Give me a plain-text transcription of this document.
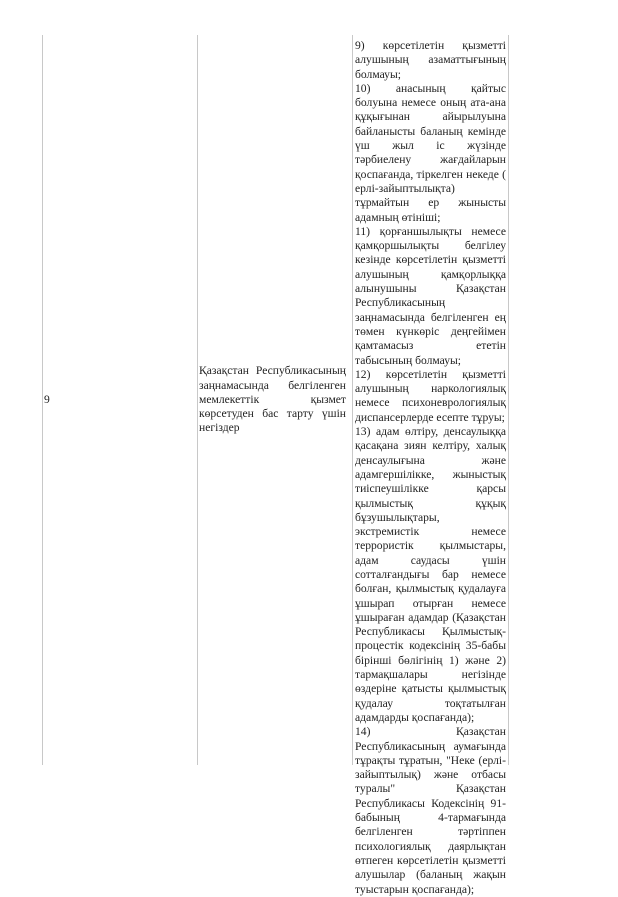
9
Қазақстан Республикасының заңнамасында белгіленген мемлекеттік қызмет көрсетуден бас тарту үшін негіздер

9) көрсетілетін қызметті алушының азаматтығының болмауы;

10) анасының қайтыс болуына немесе оның ата-ана құқығынан айырылуына байланысты баланың кемінде үш жыл іс жүзінде тәрбиелену жағдайларын қоспағанда, тіркелген некеде ( ерлі-зайыптылықта) тұрмайтын ер жынысты адамның өтініші;

11) қорғаншылықты немесе қамқоршылықты белгілеу кезінде көрсетілетін қызметті алушының қамқорлыққа алынушыны Қазақстан Республикасының заңнамасында белгіленген ең төмен күнкөріс деңгейімен қамтамасыз ететін табысының болмауы;

12) көрсетілетін қызметті алушының наркологиялық немесе психоневрологиялық диспансерлерде есепте тұруы;

13) адам өлтіру, денсаулыққа қасақана зиян келтіру, халық денсаулығына және адамгершілікке, жыныстық тиіспеушілікке қарсы қылмыстық құқық бұзушылықтары, экстремистік немесе террористік қылмыстары, адам саудасы үшін сотталғандығы бар немесе болған, қылмыстық қудалауға ұшырап отырған немесе ұшыраған адамдар (Қазақстан Республикасы Қылмыстық-процестік кодексінің 35-бабы бірінші бөлігінің 1) және 2) тармақшалары негізінде өздеріне қатысты қылмыстық қудалау тоқтатылған адамдарды қоспағанда);

14) Қазақстан Республикасының аумағында тұрақты тұратын, "Неке (ерлі-зайыптылық) және отбасы туралы" Қазақстан Республикасы Кодексінің 91-бабының 4-тармағында белгіленген тәртіппен психологиялық даярлықтан өтпеген көрсетілетін қызметті алушылар (баланың жақын туыстарын қоспағанда);
